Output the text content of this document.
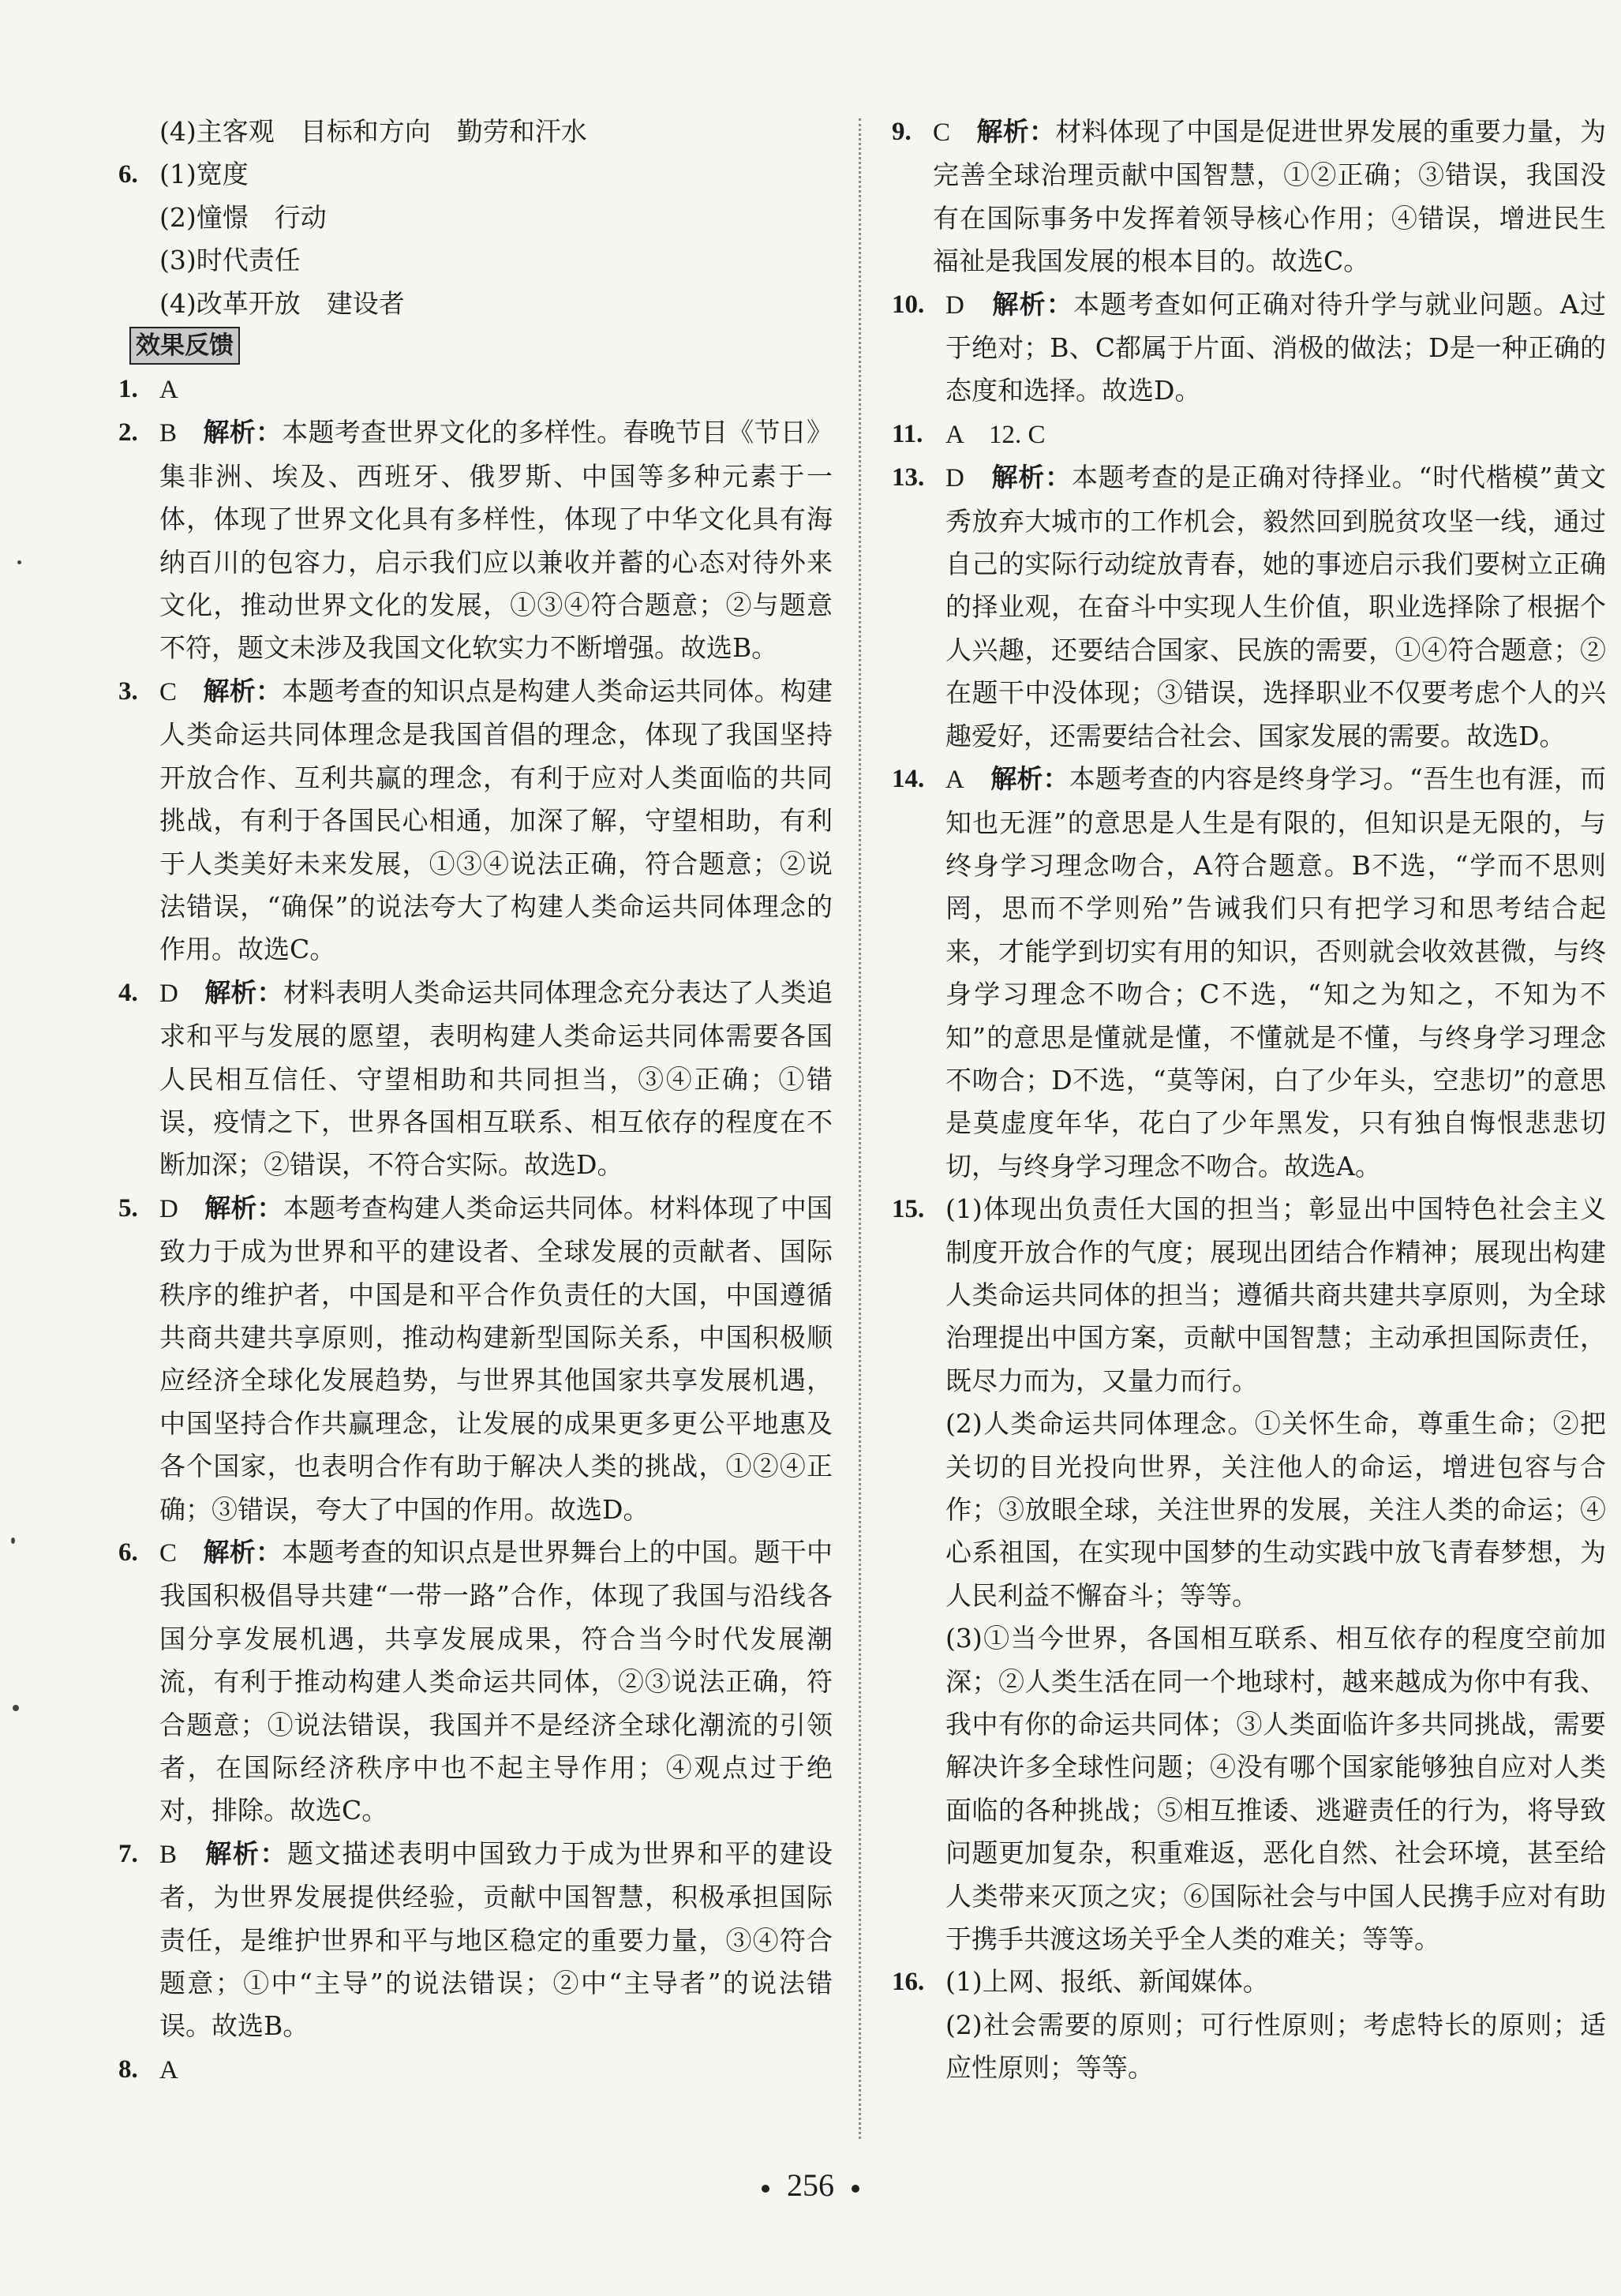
(4)主客观　目标和方向　勤劳和汗水
6. (1)宽度
(2)憧憬　行动
(3)时代责任
(4)改革开放　建设者
效果反馈
1. A
2. B　 解析：本题考查世界文化的多样性。春晚节目《节日》集非洲、埃及、西班牙、俄罗斯、中国等多种元素于一体，体现了世界文化具有多样性，体现了中华文化具有海纳百川的包容力，启示我们应以兼收并蓄的心态对待外来文化，推动世界文化的发展，①③④符合题意；②与题意不符，题文未涉及我国文化软实力不断增强。故选B。
3. C　 解析：本题考查的知识点是构建人类命运共同体。构建人类命运共同体理念是我国首倡的理念，体现了我国坚持开放合作、互利共赢的理念，有利于应对人类面临的共同挑战，有利于各国民心相通，加深了解，守望相助，有利于人类美好未来发展，①③④说法正确，符合题意；②说法错误，“确保”的说法夸大了构建人类命运共同体理念的作用。故选C。
4. D　 解析：材料表明人类命运共同体理念充分表达了人类追求和平与发展的愿望，表明构建人类命运共同体需要各国人民相互信任、守望相助和共同担当，③④正确；①错误，疫情之下，世界各国相互联系、相互依存的程度在不断加深；②错误，不符合实际。故选D。
5. D　 解析：本题考查构建人类命运共同体。材料体现了中国致力于成为世界和平的建设者、全球发展的贡献者、国际秩序的维护者，中国是和平合作负责任的大国，中国遵循共商共建共享原则，推动构建新型国际关系，中国积极顺应经济全球化发展趋势，与世界其他国家共享发展机遇，中国坚持合作共赢理念，让发展的成果更多更公平地惠及各个国家，也表明合作有助于解决人类的挑战，①②④正确；③错误，夸大了中国的作用。故选D。
6. C　 解析：本题考查的知识点是世界舞台上的中国。题干中我国积极倡导共建“一带一路”合作，体现了我国与沿线各国分享发展机遇，共享发展成果，符合当今时代发展潮流，有利于推动构建人类命运共同体，②③说法正确，符合题意；①说法错误，我国并不是经济全球化潮流的引领者，在国际经济秩序中也不起主导作用；④观点过于绝对，排除。故选C。
7. B　 解析：题文描述表明中国致力于成为世界和平的建设者，为世界发展提供经验，贡献中国智慧，积极承担国际责任，是维护世界和平与地区稳定的重要力量，③④符合题意；①中“主导”的说法错误；②中“主导者”的说法错误。故选B。
8. A
9. C　 解析：材料体现了中国是促进世界发展的重要力量，为完善全球治理贡献中国智慧，①②正确；③错误，我国没有在国际事务中发挥着领导核心作用；④错误，增进民生福祉是我国发展的根本目的。故选C。
10. D　 解析：本题考查如何正确对待升学与就业问题。A过于绝对；B、C都属于片面、消极的做法；D是一种正确的态度和选择。故选D。
11. A　12. C
13. D　 解析：本题考查的是正确对待择业。“时代楷模”黄文秀放弃大城市的工作机会，毅然回到脱贫攻坚一线，通过自己的实际行动绽放青春，她的事迹启示我们要树立正确的择业观，在奋斗中实现人生价值，职业选择除了根据个人兴趣，还要结合国家、民族的需要，①④符合题意；②在题干中没体现；③错误，选择职业不仅要考虑个人的兴趣爱好，还需要结合社会、国家发展的需要。故选D。
14. A　 解析：本题考查的内容是终身学习。“吾生也有涯，而知也无涯”的意思是人生是有限的，但知识是无限的，与终身学习理念吻合，A符合题意。B不选，“学而不思则罔，思而不学则殆”告诫我们只有把学习和思考结合起来，才能学到切实有用的知识，否则就会收效甚微，与终身学习理念不吻合；C不选，“知之为知之，不知为不知”的意思是懂就是懂，不懂就是不懂，与终身学习理念不吻合；D不选，“莫等闲，白了少年头，空悲切”的意思是莫虚度年华，花白了少年黑发，只有独自悔恨悲悲切切，与终身学习理念不吻合。故选A。
15. (1)体现出负责任大国的担当；彰显出中国特色社会主义制度开放合作的气度；展现出团结合作精神；展现出构建人类命运共同体的担当；遵循共商共建共享原则，为全球治理提出中国方案，贡献中国智慧；主动承担国际责任，既尽力而为，又量力而行。
(2)人类命运共同体理念。①关怀生命，尊重生命；②把关切的目光投向世界，关注他人的命运，增进包容与合作；③放眼全球，关注世界的发展，关注人类的命运；④心系祖国，在实现中国梦的生动实践中放飞青春梦想，为人民利益不懈奋斗；等等。
(3)①当今世界，各国相互联系、相互依存的程度空前加深；②人类生活在同一个地球村，越来越成为你中有我、我中有你的命运共同体；③人类面临许多共同挑战，需要解决许多全球性问题；④没有哪个国家能够独自应对人类面临的各种挑战；⑤相互推诿、逃避责任的行为，将导致问题更加复杂，积重难返，恶化自然、社会环境，甚至给人类带来灭顶之灾；⑥国际社会与中国人民携手应对有助于携手共渡这场关乎全人类的难关；等等。
16. (1)上网、报纸、新闻媒体。
(2)社会需要的原则；可行性原则；考虑特长的原则；适应性原则；等等。
256
